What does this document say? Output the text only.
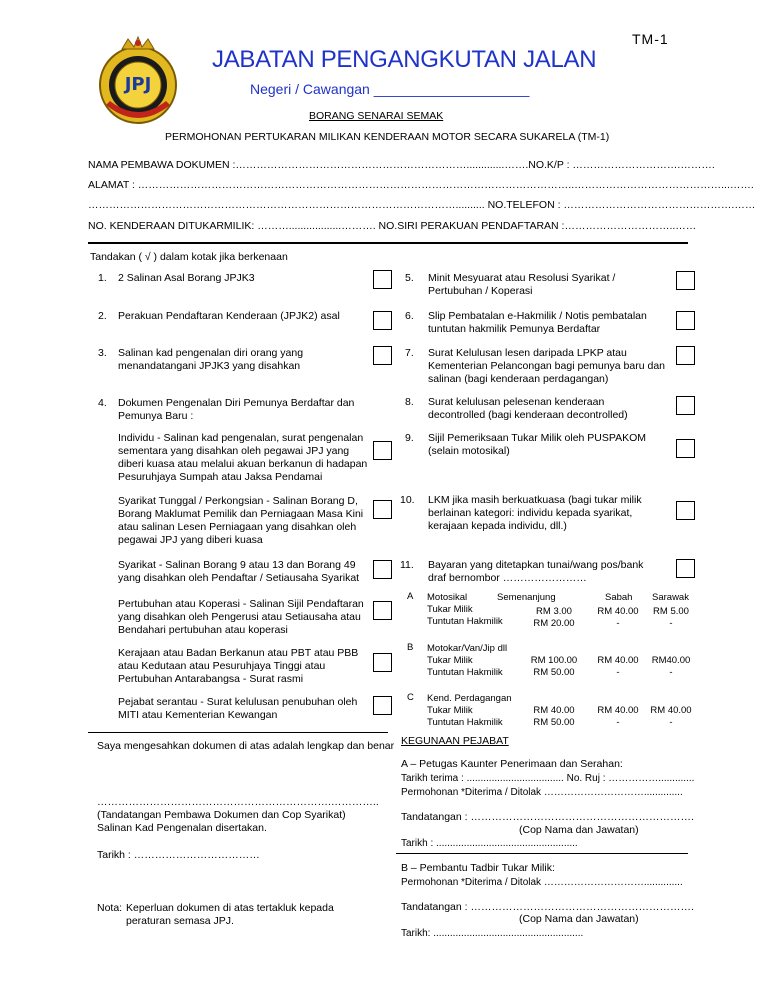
TM-1
JPJ
JABATAN PENGANGKUTAN JALAN
Negeri / Cawangan ____________________
BORANG SENARAI SEMAK
PERMOHONAN PERTUKARAN MILIKAN KENDERAAN MOTOR SECARA SUKARELA (TM-1)
NAMA PEMBAWA DOKUMEN :………………………………………………………….............…….NO.K/P : ………………………….……….
ALAMAT : ……………………………………………………………………………………………………………..……………………………………...…….
…………………………………………………………………………………………….......... NO.TELEFON : ………………………………………….……
NO. KENDERAAN DITUKARMILIK: ………..................………. NO.SIRI PERAKUAN PENDAFTARAN :…………………………..……
Tandakan ( √ ) dalam kotak jika berkenaan
1. 2 Salinan Asal Borang JPJK3
2. Perakuan Pendaftaran Kenderaan (JPJK2) asal
3. Salinan kad pengenalan diri orang yang menandatangani JPJK3 yang disahkan
4. Dokumen Pengenalan Diri Pemunya Berdaftar dan Pemunya Baru :
Individu - Salinan kad pengenalan, surat pengenalan sementara yang disahkan oleh pegawai JPJ yang diberi kuasa atau melalui akuan berkanun di hadapan Pesuruhjaya Sumpah atau Jaksa Pendamai
Syarikat Tunggal / Perkongsian - Salinan Borang D, Borang Maklumat Pemilik dan Perniagaan Masa Kini atau salinan Lesen Perniagaan yang disahkan oleh pegawai JPJ yang diberi kuasa
Syarikat - Salinan Borang 9 atau 13 dan Borang 49 yang disahkan oleh Pendaftar / Setiausaha Syarikat
Pertubuhan atau Koperasi - Salinan Sijil Pendaftaran yang disahkan oleh Pengerusi atau Setiausaha atau Bendahari pertubuhan atau koperasi
Kerajaan atau Badan Berkanun atau PBT atau PBB atau Kedutaan atau Pesuruhjaya Tinggi atau Pertubuhan Antarabangsa - Surat rasmi
Pejabat serantau - Surat kelulusan penubuhan oleh MITI atau Kementerian Kewangan
5. Minit Mesyuarat atau Resolusi Syarikat / Pertubuhan / Koperasi
6. Slip Pembatalan e-Hakmilik / Notis pembatalan tuntutan hakmilik Pemunya Berdaftar
7. Surat Kelulusan lesen daripada LPKP atau Kementerian Pelancongan bagi pemunya baru dan salinan (bagi kenderaan perdagangan)
8. Surat kelulusan pelesenan kenderaan decontrolled (bagi kenderaan decontrolled)
9. Sijil Pemeriksaan Tukar Milik oleh PUSPAKOM (selain motosikal)
10. LKM jika masih berkuatkuasa (bagi tukar milik berlainan kategori: individu kepada syarikat, kerajaan kepada individu, dll.)
11. Bayaran yang ditetapkan tunai/wang pos/bank draf bernombor ……………………
Semenanjung	Sabah Sarawak
A Motosikal
Tukar Milik
Tuntutan Hakmilik
RM 3.00
RM 20.00
RM 40.00
-
RM 5.00
-
B Motokar/Van/Jip dll
Tukar Milik
Tuntutan Hakmilik
RM 100.00
RM 50.00
RM 40.00
-
RM40.00
-
C Kend. Perdagangan
Tukar Milik
Tuntutan Hakmilik
RM 40.00
RM 50.00
RM 40.00
-
RM 40.00
-
Saya mengesahkan dokumen di atas adalah lengkap dan benar
………………………………………………………….…………..
(Tandatangan Pembawa Dokumen dan Cop Syarikat)
Salinan Kad Pengenalan disertakan.
Tarikh : ………………………………
Nota: Keperluan dokumen di atas tertakluk kepada peraturan semasa JPJ.
KEGUNAAN PEJABAT
A – Petugas Kaunter Penerimaan dan Serahan:
Tarikh terima : ................................... No. Ruj : …………….............
Permohonan *Diterima / Ditolak …………………………..............
Tandatangan : ……………………………………………………….
(Cop Nama dan Jawatan)
Tarikh : ...................................................
B – Pembantu Tadbir Tukar Milik:
Permohonan *Diterima / Ditolak …………………………..............
Tandatangan : ……………………………………………………….
(Cop Nama dan Jawatan)
Tarikh: ......................................................
